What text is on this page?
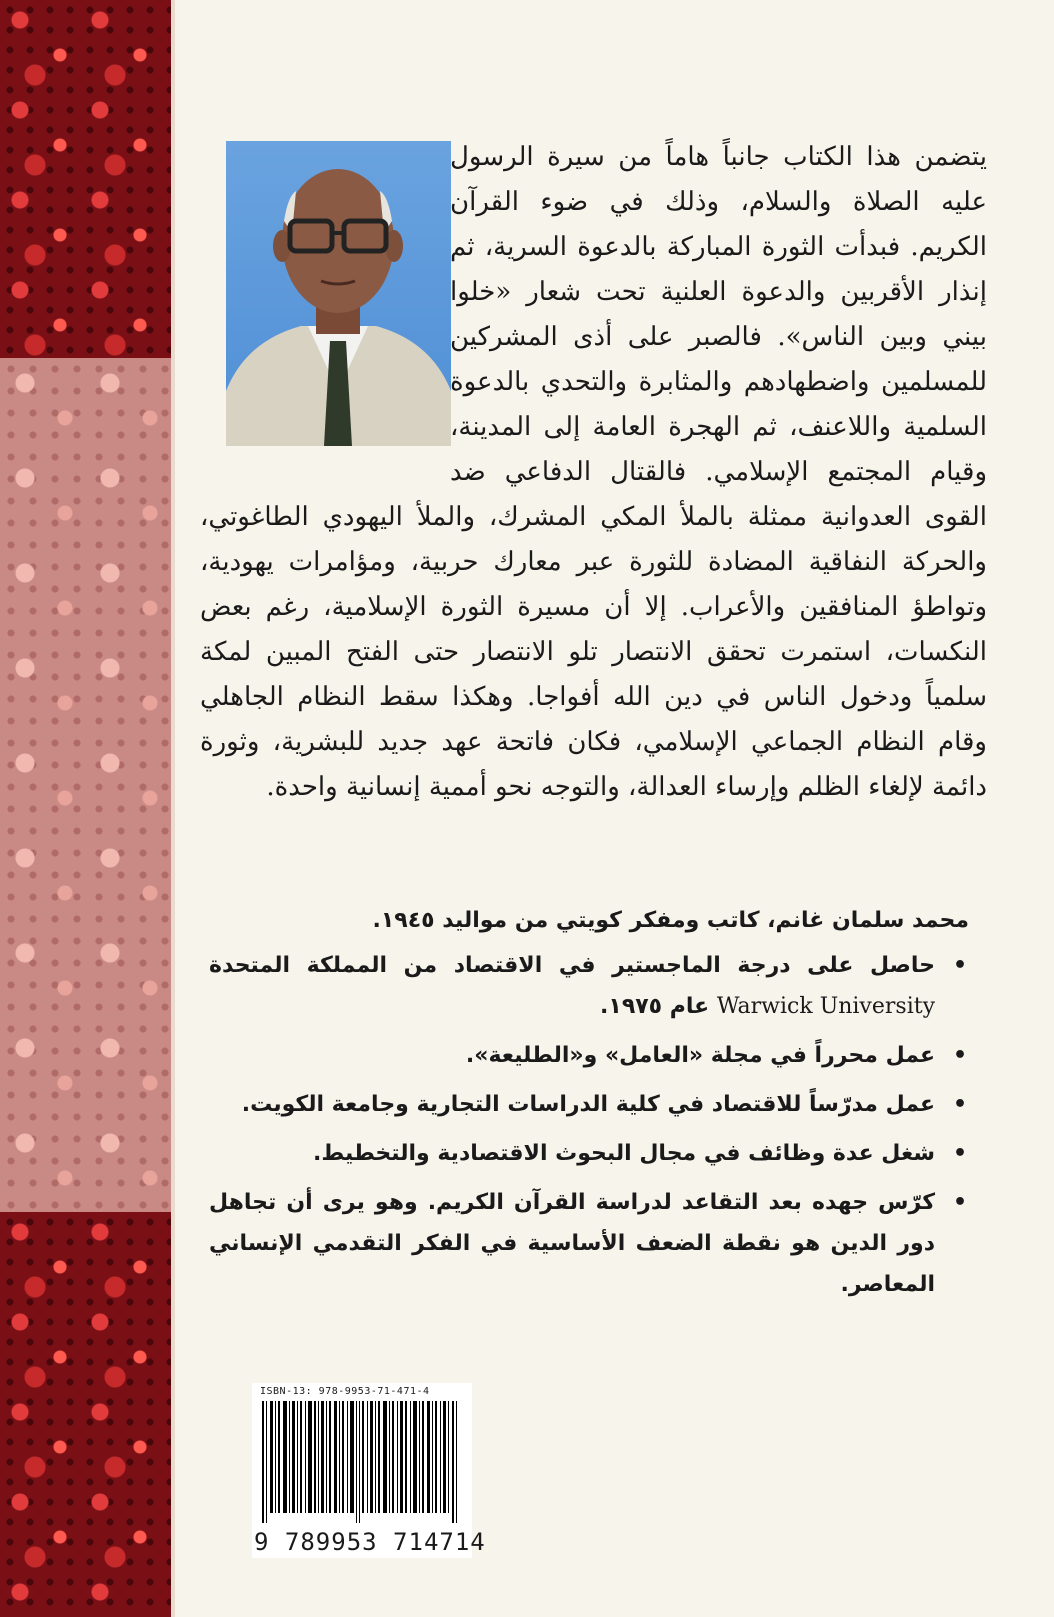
يتضمن هذا الكتاب جانباً هاماً من سيرة الرسول عليه الصلاة والسلام، وذلك في ضوء القرآن الكريم. فبدأت الثورة المباركة بالدعوة السرية، ثم إنذار الأقربين والدعوة العلنية تحت شعار «خلوا بيني وبين الناس». فالصبر على أذى المشركين للمسلمين واضطهادهم والمثابرة والتحدي بالدعوة السلمية واللاعنف، ثم الهجرة العامة إلى المدينة، وقيام المجتمع الإسلامي. فالقتال الدفاعي ضد القوى العدوانية ممثلة بالملأ المكي المشرك، والملأ اليهودي الطاغوتي، والحركة النفاقية المضادة للثورة عبر معارك حربية، ومؤامرات يهودية، وتواطؤ المنافقين والأعراب. إلا أن مسيرة الثورة الإسلامية، رغم بعض النكسات، استمرت تحقق الانتصار تلو الانتصار حتى الفتح المبين لمكة سلمياً ودخول الناس في دين الله أفواجا. وهكذا سقط النظام الجاهلي وقام النظام الجماعي الإسلامي، فكان فاتحة عهد جديد للبشرية، وثورة دائمة لإلغاء الظلم وإرساء العدالة، والتوجه نحو أممية إنسانية واحدة.

محمد سلمان غانم، كاتب ومفكر كويتي من مواليد ١٩٤٥.

•
حاصل على درجة الماجستير في الاقتصاد من المملكة المتحدة Warwick University عام ١٩٧٥.
•
عمل محرراً في مجلة «العامل» و«الطليعة».
•
عمل مدرّساً للاقتصاد في كلية الدراسات التجارية وجامعة الكويت.
•
شغل عدة وظائف في مجال البحوث الاقتصادية والتخطيط.
•
كرّس جهده بعد التقاعد لدراسة القرآن الكريم. وهو يرى أن تجاهل دور الدين هو نقطة الضعف الأساسية في الفكر التقدمي الإنساني المعاصر.
ISBN-13: 978-9953-71-471-4
9 789953 714714
